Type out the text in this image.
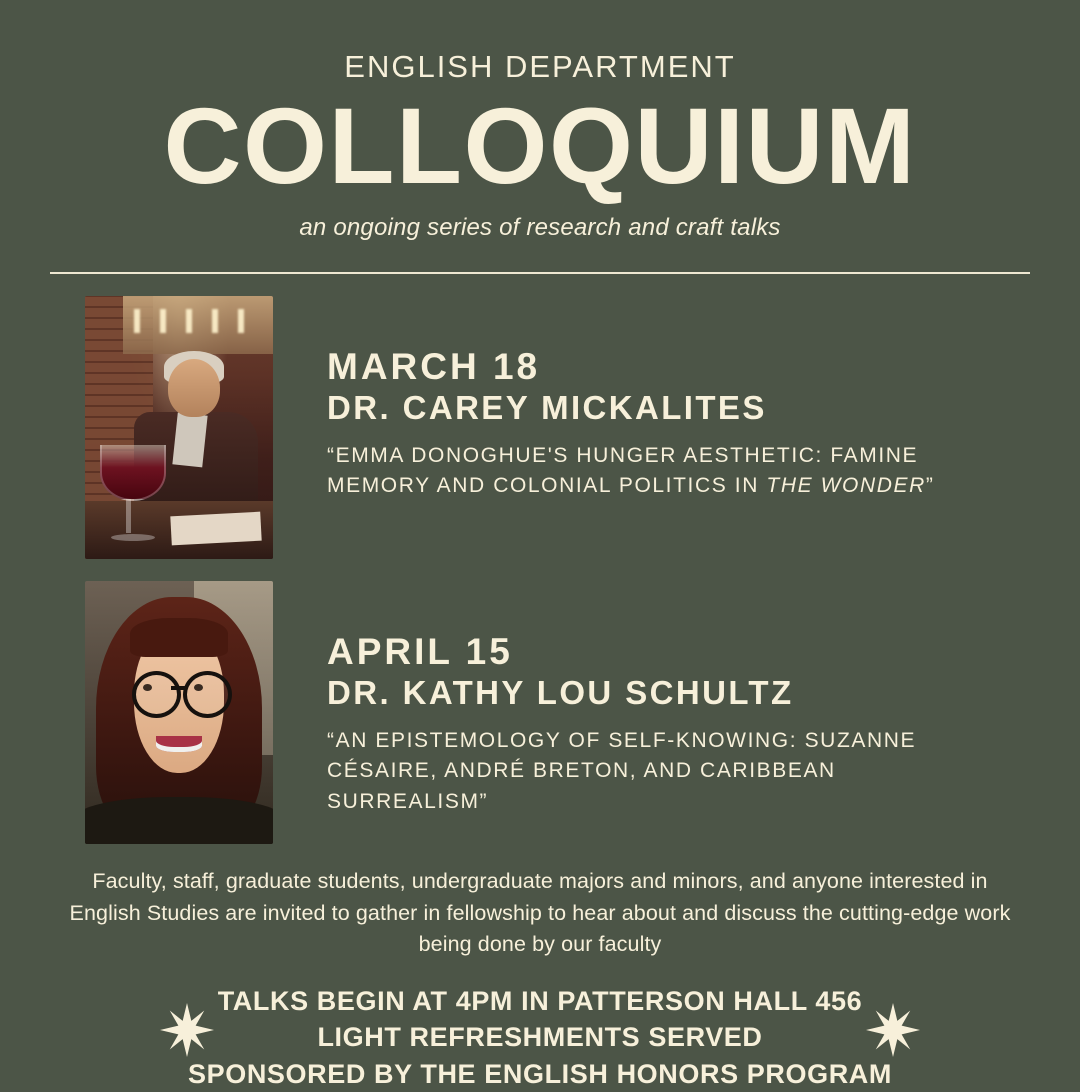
ENGLISH DEPARTMENT
COLLOQUIUM
an ongoing series of research and craft talks
MARCH 18
DR. CAREY MICKALITES
“EMMA DONOGHUE'S HUNGER AESTHETIC: FAMINE MEMORY AND COLONIAL POLITICS IN THE WONDER”
APRIL 15
DR. KATHY LOU SCHULTZ
“AN EPISTEMOLOGY OF SELF-KNOWING: SUZANNE CÉSAIRE, ANDRÉ BRETON, AND CARIBBEAN SURREALISM”
Faculty, staff, graduate students, undergraduate majors and minors, and anyone interested in English Studies are invited to gather in fellowship to hear about and discuss the cutting-edge work being done by our faculty
TALKS BEGIN AT 4PM IN PATTERSON HALL 456
LIGHT REFRESHMENTS SERVED
SPONSORED BY THE ENGLISH HONORS PROGRAM
